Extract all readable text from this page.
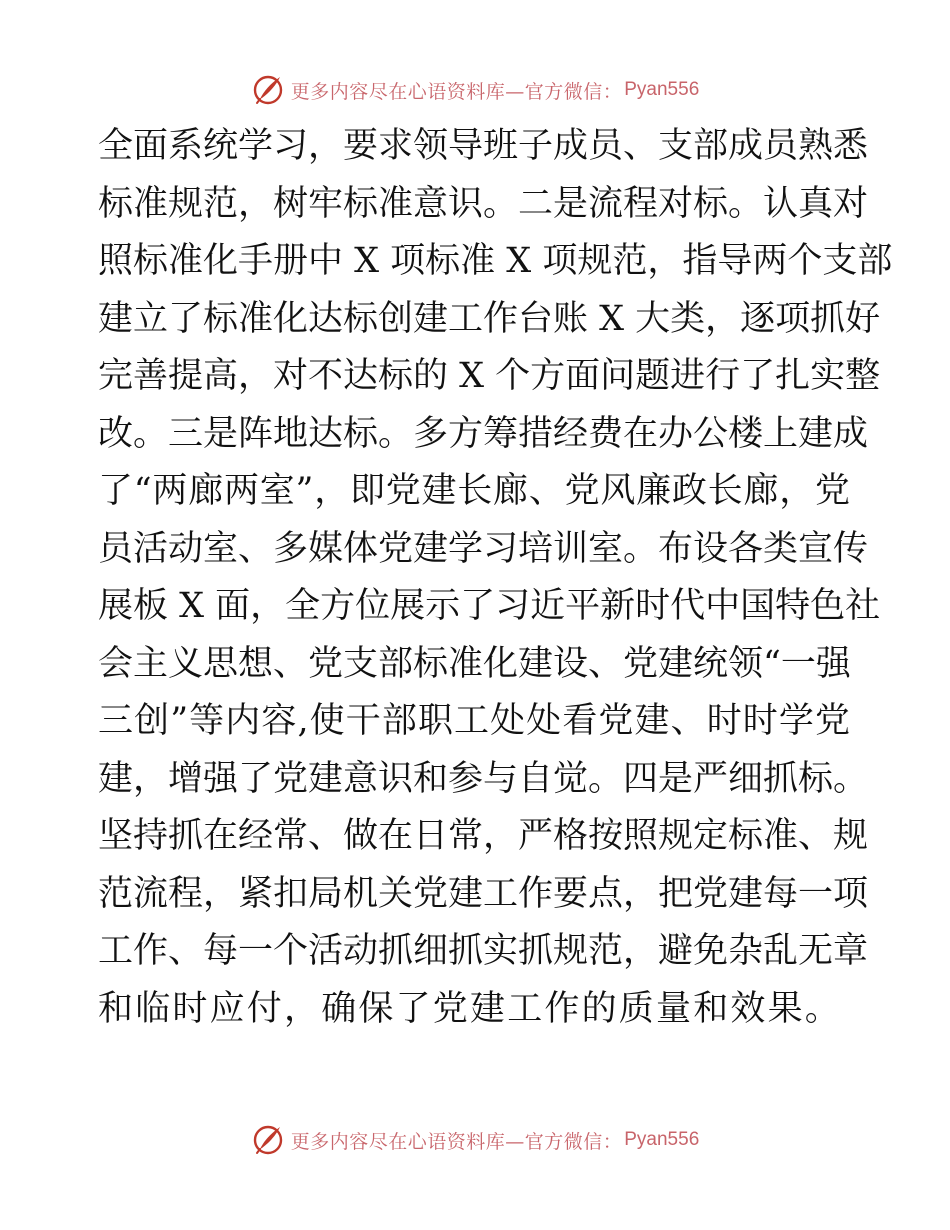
更多内容尽在心语资料库—官方微信： Pyan556
全面系统学习，要求领导班子成员、支部成员熟悉
标准规范，树牢标准意识。二是流程对标。认真对
照标准化手册中 X 项标准 X 项规范，指导两个支部
建立了标准化达标创建工作台账 X 大类，逐项抓好
完善提高，对不达标的 X 个方面问题进行了扎实整
改。三是阵地达标。多方筹措经费在办公楼上建成
了“两廊两室”，即党建长廊、党风廉政长廊，党
员活动室、多媒体党建学习培训室。布设各类宣传
展板 X 面，全方位展示了习近平新时代中国特色社
会主义思想、党支部标准化建设、党建统领“一强
三创”等内容,使干部职工处处看党建、时时学党
建，增强了党建意识和参与自觉。四是严细抓标。
坚持抓在经常、做在日常，严格按照规定标准、规
范流程，紧扣局机关党建工作要点，把党建每一项
工作、每一个活动抓细抓实抓规范，避免杂乱无章
和临时应付，确保了党建工作的质量和效果。
更多内容尽在心语资料库—官方微信： Pyan556
